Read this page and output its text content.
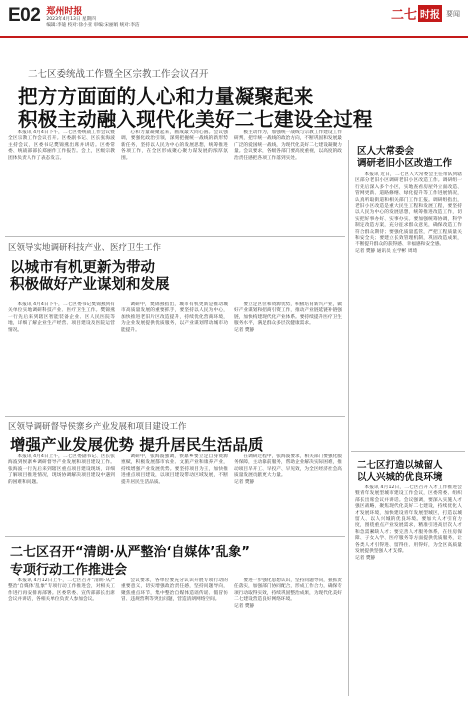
E02 郑州时报
2023年4月13日 星期四
编辑:李迪 校对:徐小亚 审编:宋丽娟 统对:李洁
二七 时报 要闻
二七区委统战工作暨全区宗教工作会议召开
把方方面面的人心和力量凝聚起来
积极主动融入现代化美好二七建设全过程

本报讯 4月4日下午，二七区委统战工作会议暨全区宗教工作会议召开。区委副书记、区长张海波主持会议，区委书记樊锦燕出席并讲话。区委常委、统战部部长郑丽作工作报告。会上，区级宗教团体负责人作了表态发言。

心和力量凝聚起来，画成最大同心圆。会议强调，要强化政治引领，深刻把握统一战线的新形势新任务，坚持以人民为中心的发展思想，统筹推进各项工作，在全区形成聚心聚力谋发展的浓厚氛围。

极主动作为，加强统一战线与宗教工作建设工作研判，把牢统一战线的政治方向，不断巩固和发展最广泛的爱国统一战线，为现代化美好二七建设凝聚力量。会议要求，各级各部门要高度重视，以高度的政治责任感把各项工作落到实处。

区领导实地调研科技产业、医疗卫生工作
以城市有机更新为带动
积极做好产业谋划和发展

本报讯 4月4日下午，二七区委书记樊锦燕到有关单位实地调研科技产业、医疗卫生工作。樊锦燕一行先后来到辖区智能装备企业、区人民医院等地，详细了解企业生产经营、项目建设及医院运营情况。

调研中，樊锦燕指出，城市有机更新是推动城市高质量发展的重要抓手，要坚持以人民为中心，加快推进老旧片区改造提升，持续优化营商环境，为企业发展提供优质服务，以产业谋划带动城市功能提升。

要立足区位和资源优势，积极培育新兴产业，做好产业谋划和招商引资工作，推动产业链延链补链强链，加快构建现代化产业体系。要持续提升医疗卫生服务水平，满足群众多层次健康需求。

记者 樊静
区领导调研督导侯寨乡产业发展和项目建设工作
增强产业发展优势 提升居民生活品质

本报讯 4月4日上午，二七区委副书记、区长张海波到侯寨乡调研督导产业发展和项目建设工作。张海波一行先后来到辖区重点项目建设现场，详细了解项目推进情况，现场协调解决项目建设中遇到的困难和问题。

调研中，张海波强调，侯寨乡要立足自身资源禀赋，积极发展都市农业、文旅产业和康养产业，持续增强产业发展优势。要坚持项目为王，加快推进重点项目建设，以项目建设带动区域发展，不断提升居民生活品质。

在调研过程中，张海波要求，相关部门要强化服务保障，主动靠前服务，帮助企业解决实际困难，推动项目早开工、早投产、早见效，为全区经济社会高质量发展贡献更大力量。

记者 樊静
二七区召开“清朗·从严整治‘自媒体’乱象”
专项行动工作推进会

本报讯 4月12日上午，二七区召开“清朗·从严整治‘自媒体’乱象”专项行动工作推进会，对相关工作进行再安排再部署。区委常委、宣传部部长出席会议并讲话，各相关单位负责人参加会议。

会议要求，各单位要充分认识开展专项行动的重要意义，切实增强政治责任感，坚持问题导向，聚焦重点环节，集中整治自媒体造谣传谣、假冒仿冒、违规营利等突出问题，营造清朗网络空间。

要进一步强化思想认识，坚持问题导向，狠抓责任落实，加强部门协同配合，形成工作合力，确保专项行动取得实效，持续巩固整治成果，为现代化美好二七建设营造良好网络环境。

记者 樊静
区人大常委会
调研老旧小区改造工作

本报讯 近日，二七区人大常委会主任带队到辖区部分老旧小区调研老旧小区改造工作。调研组一行先后深入多个小区，实地查看房屋外立面改造、管网更新、道路修缮、绿化提升等工作进展情况，认真听取街道和相关部门工作汇报。调研组指出，老旧小区改造是重大民生工程和发展工程，要坚持以人民为中心的发展思想，统筹推进改造工作，切实把好事办好、实事办实。要加强统筹协调，科学制定改造方案，充分征求群众意见，确保改造工作符合群众期待；要强化质量监管，严把工程质量关和安全关；要建立长效管理机制，巩固改造成果，不断提升群众的获得感、幸福感和安全感。

记者 樊静 通讯员 左学彬 周琦
二七区打造以城留人
以人兴城的优良环境

本报讯 4月12日，二七区召开人才工作推进会暨青年发展型城市建设工作会议，区委常委、组织部长出席会议并讲话。会议强调，要深入实施人才强区战略，聚焦现代化美好二七建设，持续优化人才发展环境，加快建设青年发展型城区，打造以城留人、以人兴城的优良环境。要加大人才引育力度，围绕重点产业发展需求，精准引进高层次人才和急需紧缺人才；要完善人才服务体系，在住房保障、子女入学、医疗服务等方面提供优质服务，让各类人才引得进、留得住、用得好，为全区高质量发展提供坚强人才支撑。

记者 樊静
